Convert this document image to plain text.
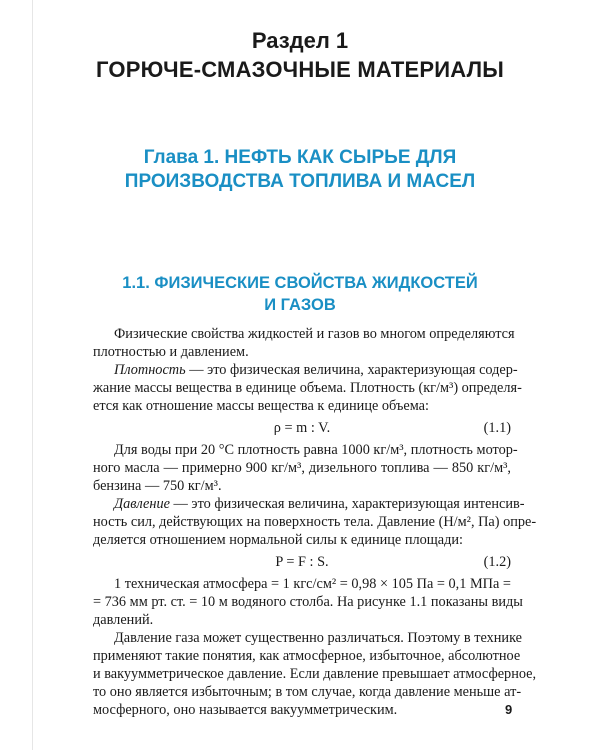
Раздел 1
ГОРЮЧЕ-СМАЗОЧНЫЕ МАТЕРИАЛЫ
Глава 1. НЕФТЬ КАК СЫРЬЕ ДЛЯ
ПРОИЗВОДСТВА ТОПЛИВА И МАСЕЛ
1.1. ФИЗИЧЕСКИЕ СВОЙСТВА ЖИДКОСТЕЙ
И ГАЗОВ
Физические свойства жидкостей и газов во многом определяются
плотностью и давлением.
Плотность — это физическая величина, характеризующая содер-
жание массы вещества в единице объема. Плотность (кг/м³) определя-
ется как отношение массы вещества к единице объема:
ρ = m : V.	(1.1)
Для воды при 20 °С плотность равна 1000 кг/м³, плотность мотор-
ного масла — примерно 900 кг/м³, дизельного топлива — 850 кг/м³,
бензина — 750 кг/м³.
Давление — это физическая величина, характеризующая интенсив-
ность сил, действующих на поверхность тела. Давление (Н/м², Па) опре-
деляется отношением нормальной силы к единице площади:
P = F : S.	(1.2)
1 техническая атмосфера = 1 кгс/см² = 0,98 × 105 Па = 0,1 МПа =
= 736 мм рт. ст. = 10 м водяного столба. На рисунке 1.1 показаны виды
давлений.
Давление газа может существенно различаться. Поэтому в технике
применяют такие понятия, как атмосферное, избыточное, абсолютное
и вакуумметрическое давление. Если давление превышает атмосферное,
то оно является избыточным; в том случае, когда давление меньше ат-
мосферного, оно называется вакуумметрическим.	9
